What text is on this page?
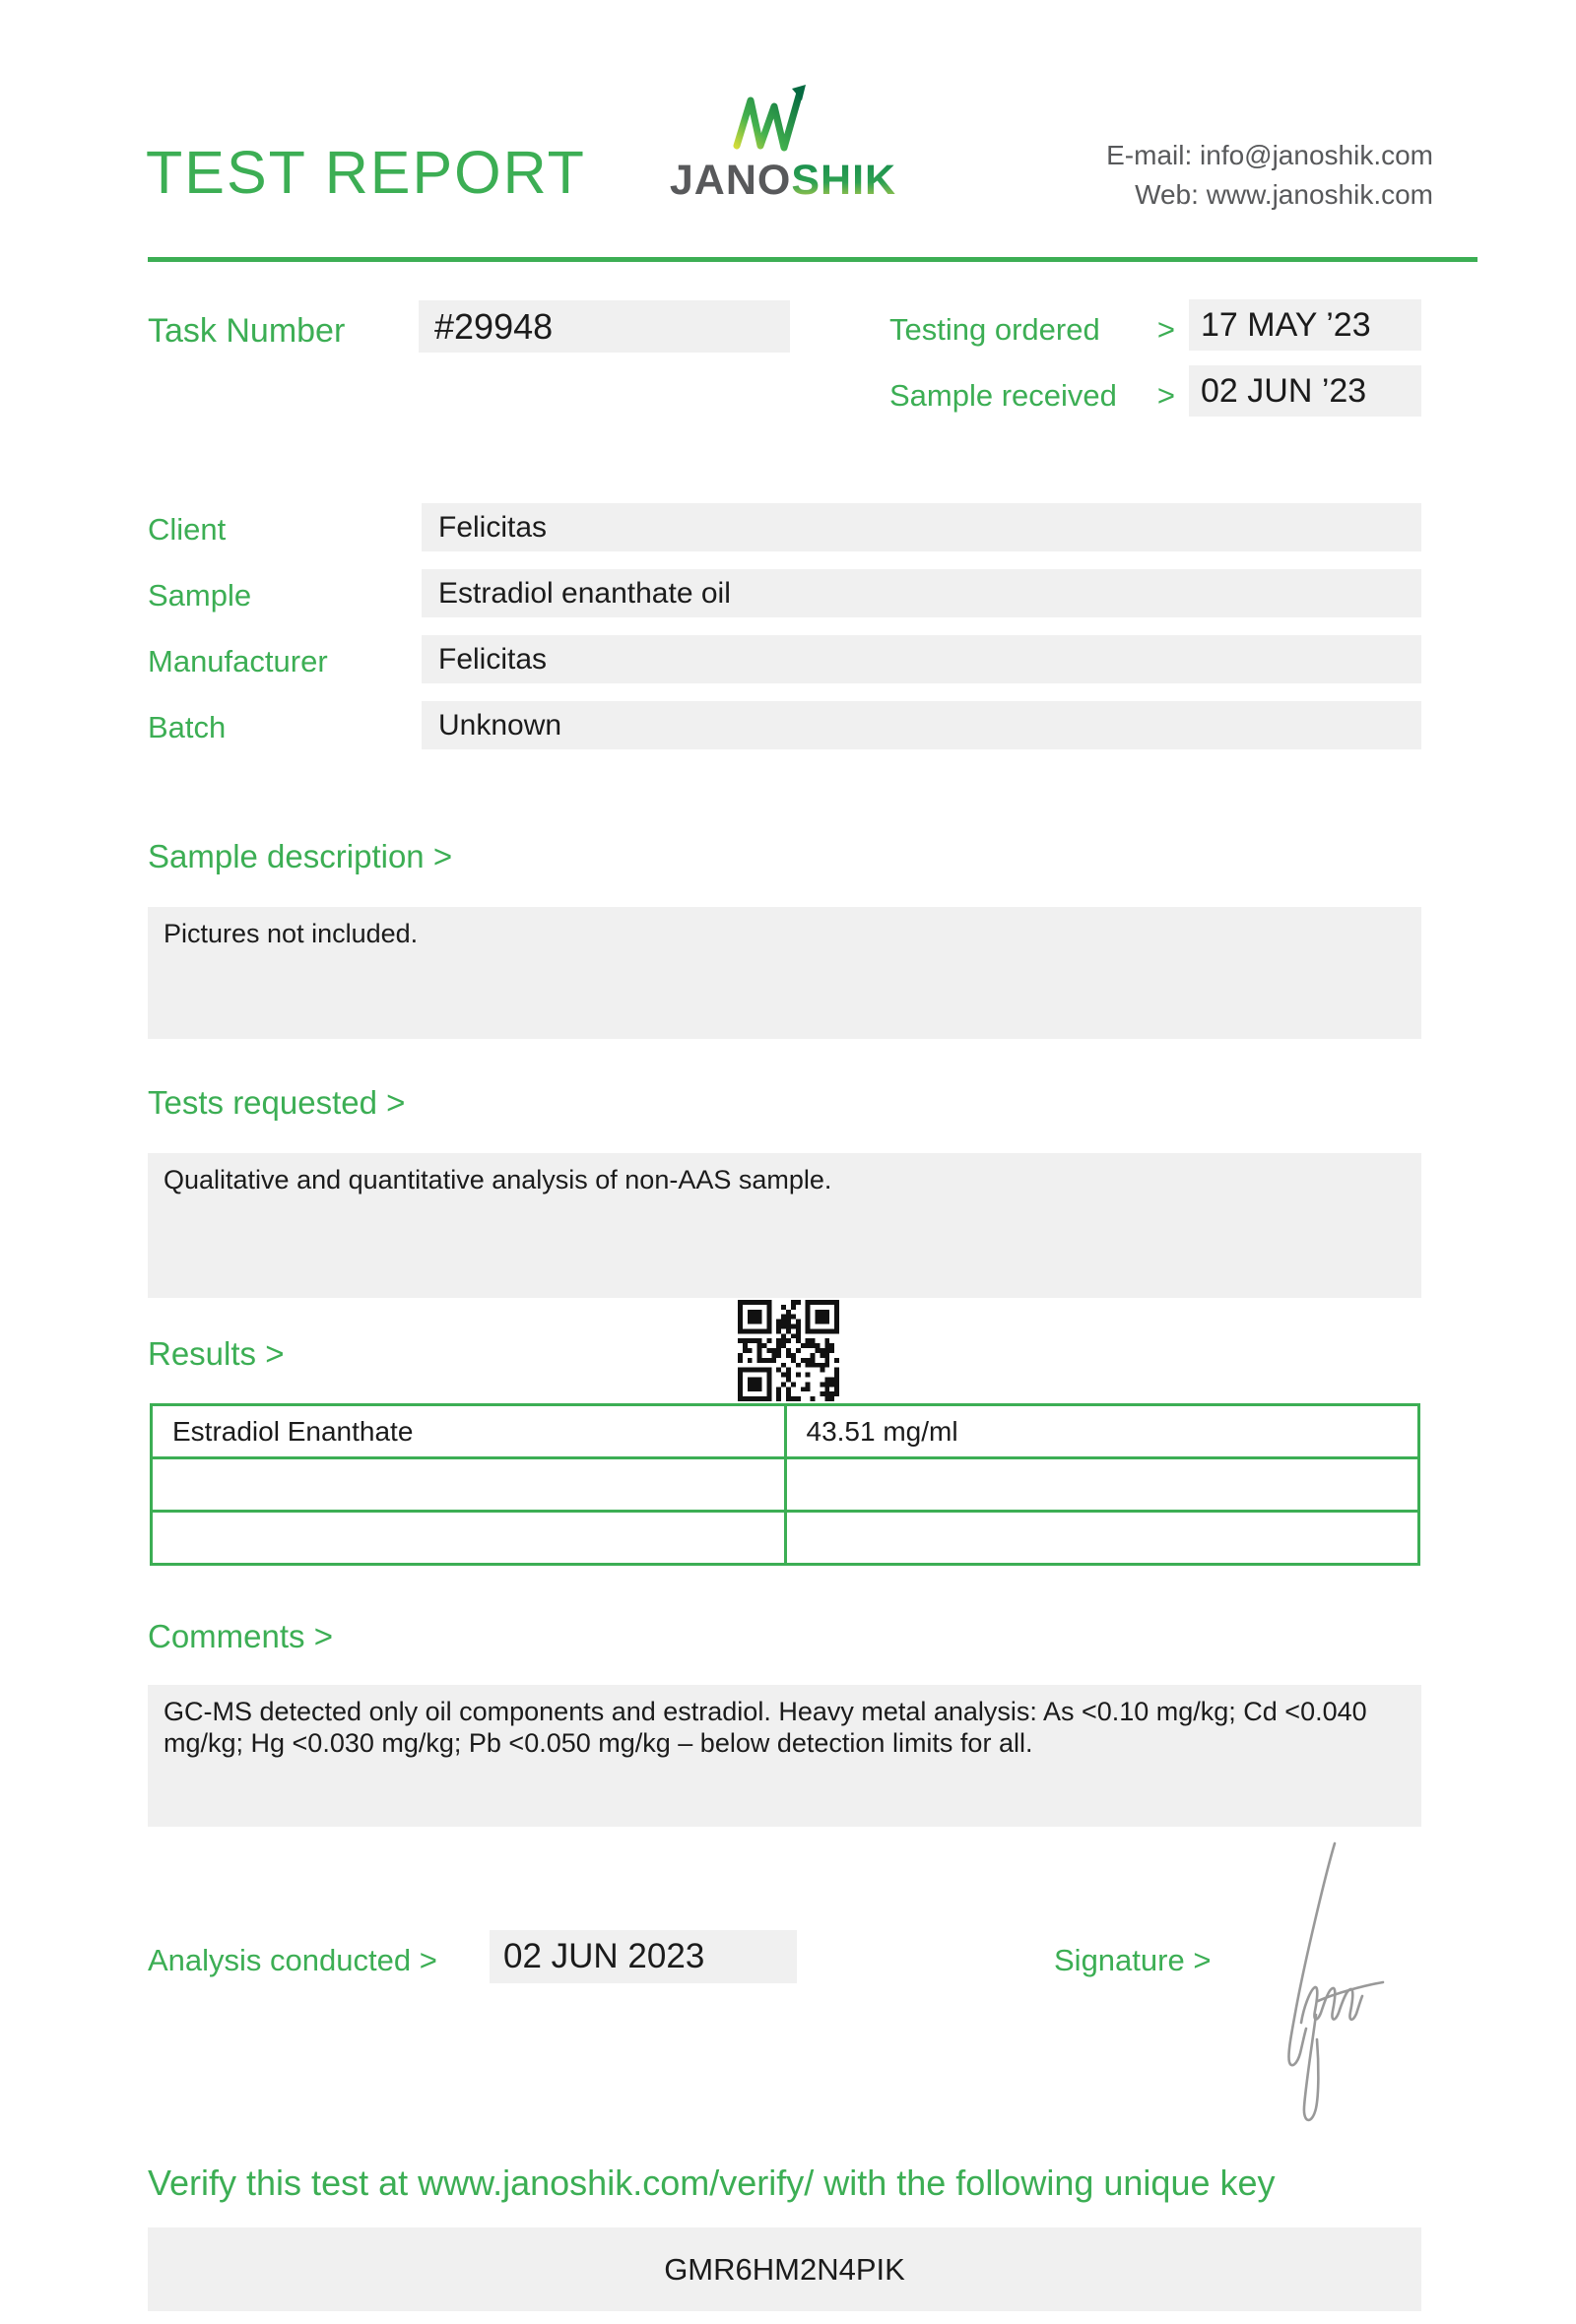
TEST REPORT	JANOSHIK
E-mail: info@janoshik.com
Web: www.janoshik.com
Task Number	#29948	Testing ordered > 17 MAY ’23
Sample received > 02 JUN ’23
Client	Felicitas
Sample	Estradiol enanthate oil
Manufacturer	Felicitas
Batch	Unknown
Sample description >
Pictures not included.
Tests requested >
Qualitative and quantitative analysis of non-AAS sample.
Results >
Estradiol Enanthate	43.51 mg/ml

Comments >
GC-MS detected only oil components and estradiol. Heavy metal analysis: As <0.10 mg/kg; Cd <0.040 mg/kg; Hg <0.030 mg/kg; Pb <0.050 mg/kg – below detection limits for all.
Analysis conducted >	02 JUN 2023	Signature >
Verify this test at www.janoshik.com/verify/ with the following unique key
GMR6HM2N4PIK
